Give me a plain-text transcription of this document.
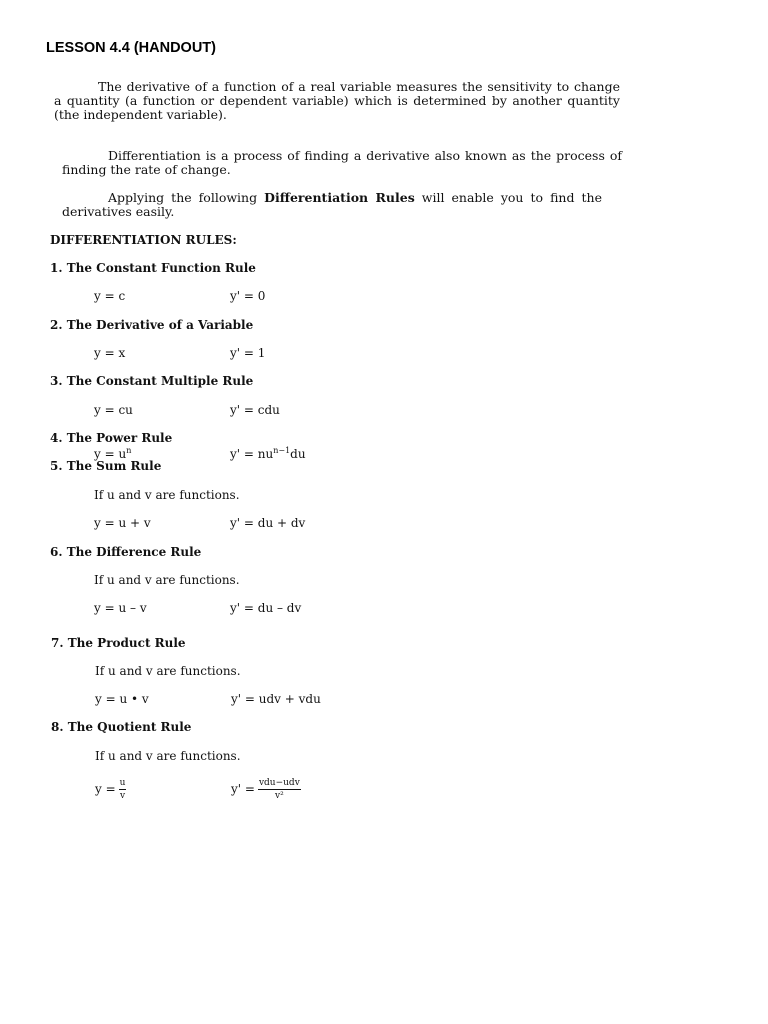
LESSON 4.4 (HANDOUT)
The derivative of a function of a real variable measures the sensitivity to change a quantity (a function or dependent variable) which is determined by another quantity (the independent variable).
Differentiation is a process of finding a derivative also known as the process of finding the rate of change.
Applying the following Differentiation Rules will enable you to find the derivatives easily.
DIFFERENTIATION RULES:
1. The Constant Function Rule
y = c	y' = 0
2. The Derivative of a Variable
y = x	y' = 1
3. The Constant Multiple Rule
y = cu	y' = cdu
4. The Power Rule
$y = u^n$	$y' = nu^{n-1}du$
5. The Sum Rule
If u and v are functions.
y = u + v	y' = du + dv
6. The Difference Rule
If u and v are functions.
y = u – v	y' = du – dv
7. The Product Rule
If u and v are functions.
y = u • v	y' = udv + vdu
8. The Quotient Rule
If u and v are functions.
$y = \frac{u}{v}$	$y' = \frac{\text{vdu−udv}}{\text{v²}}$
